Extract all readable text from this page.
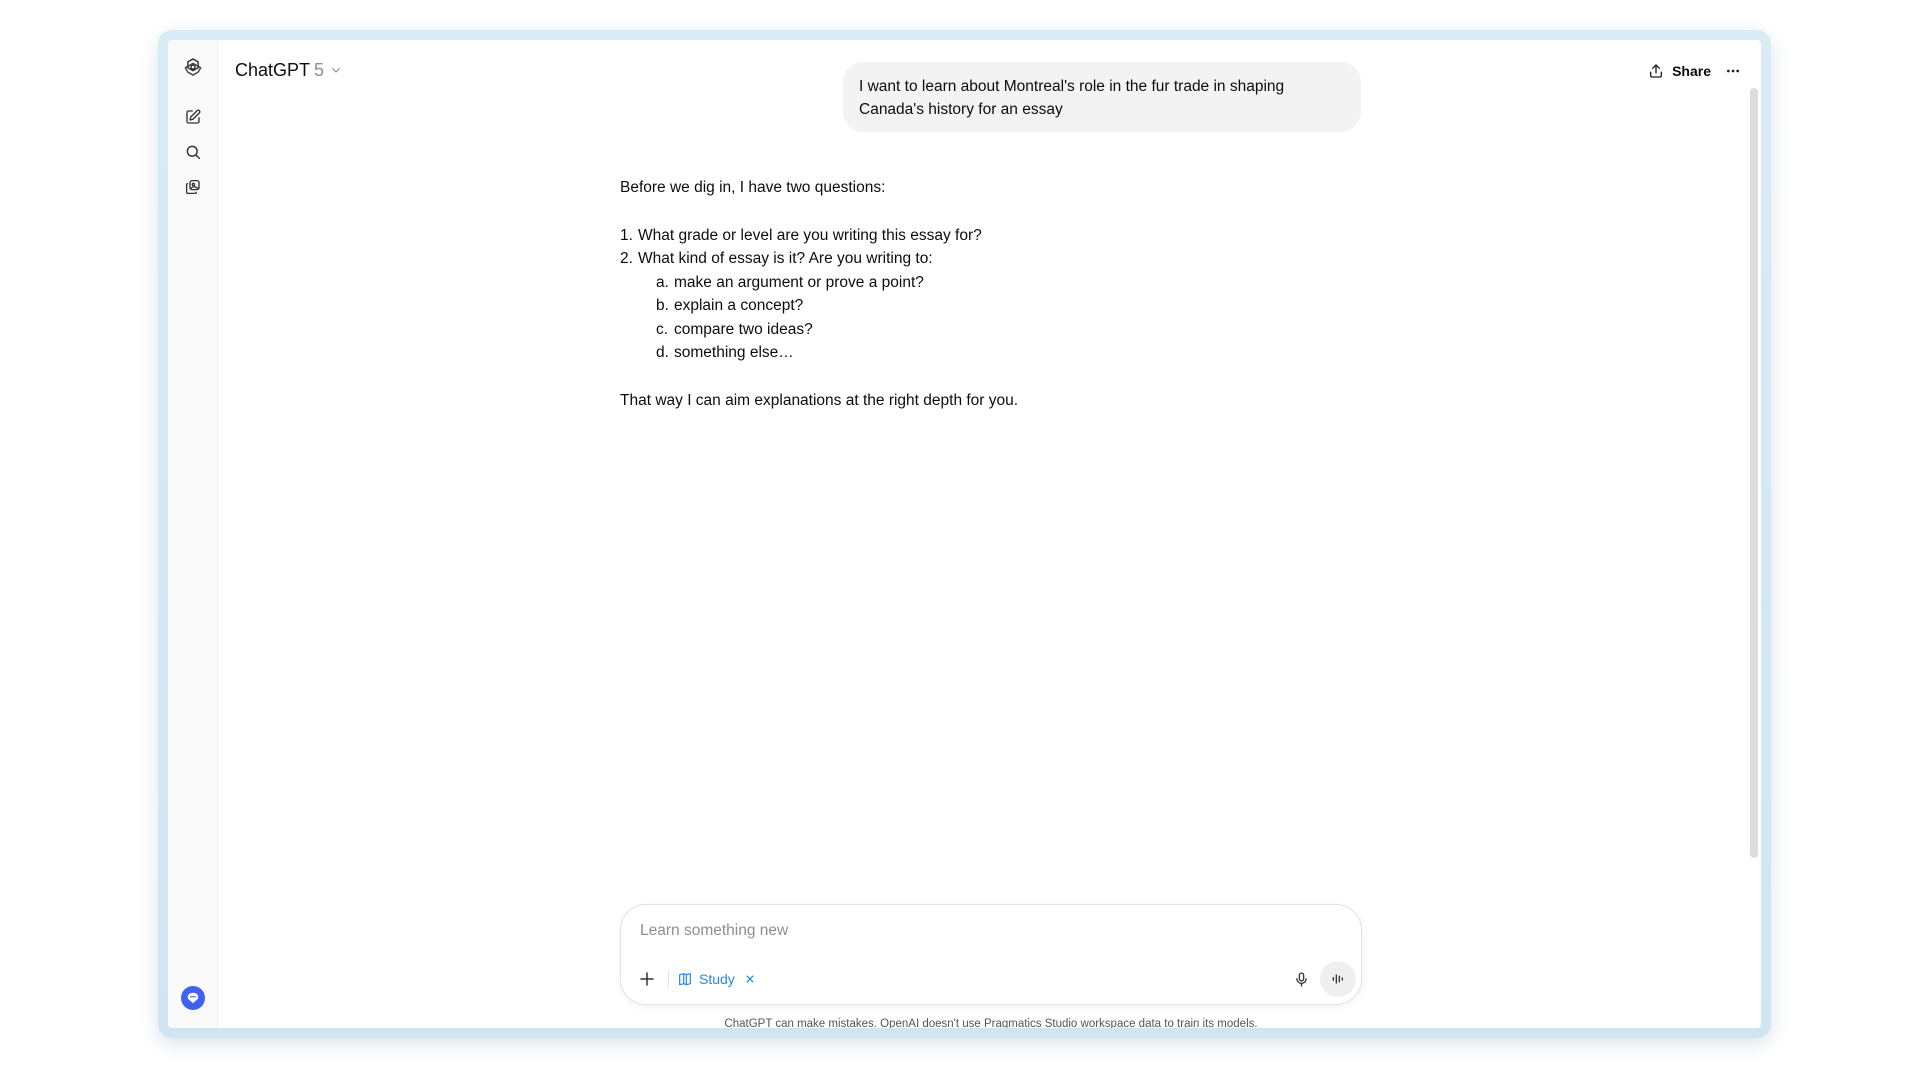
ChatGPT 5	Share
I want to learn about Montreal's role in the fur trade in shaping Canada's history for an essay

Before we dig in, I have two questions:

1. What grade or level are you writing this essay for?
2. What kind of essay is it? Are you writing to:
a. make an argument or prove a point?
b. explain a concept?
c. compare two ideas?
d. something else…

That way I can aim explanations at the right depth for you.

Learn something new
Study

ChatGPT can make mistakes. OpenAI doesn't use Pragmatics Studio workspace data to train its models.
